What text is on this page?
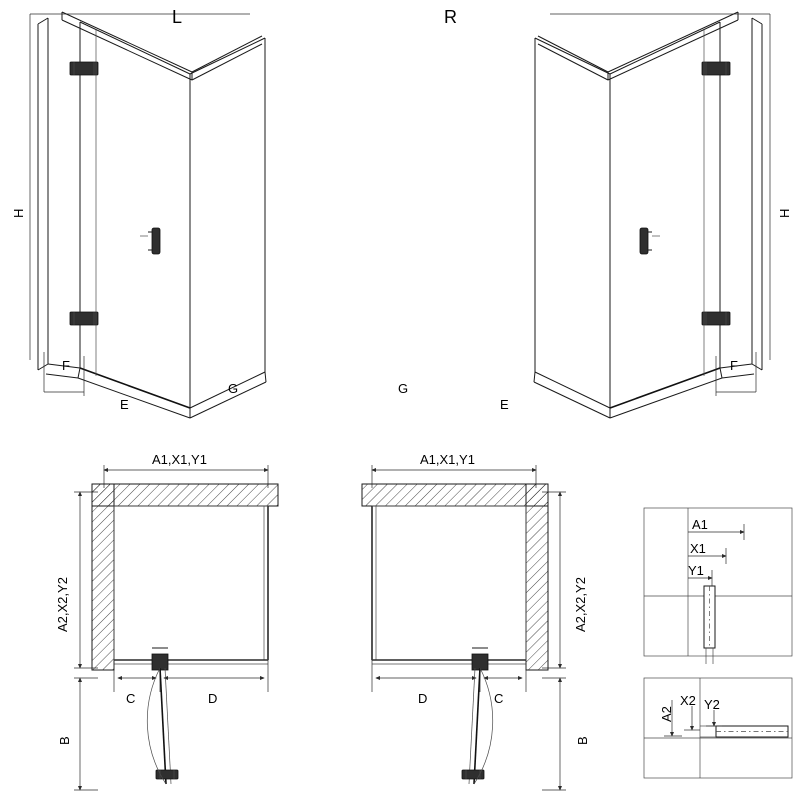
L	R
H
F
E
G
H
F
E
G
A1,X1,Y1
A2,X2,Y2
C	D
B
A1,X1,Y1
A2,X2,Y2
D	C
B
A1
X1
Y1
A2
X2 Y2
